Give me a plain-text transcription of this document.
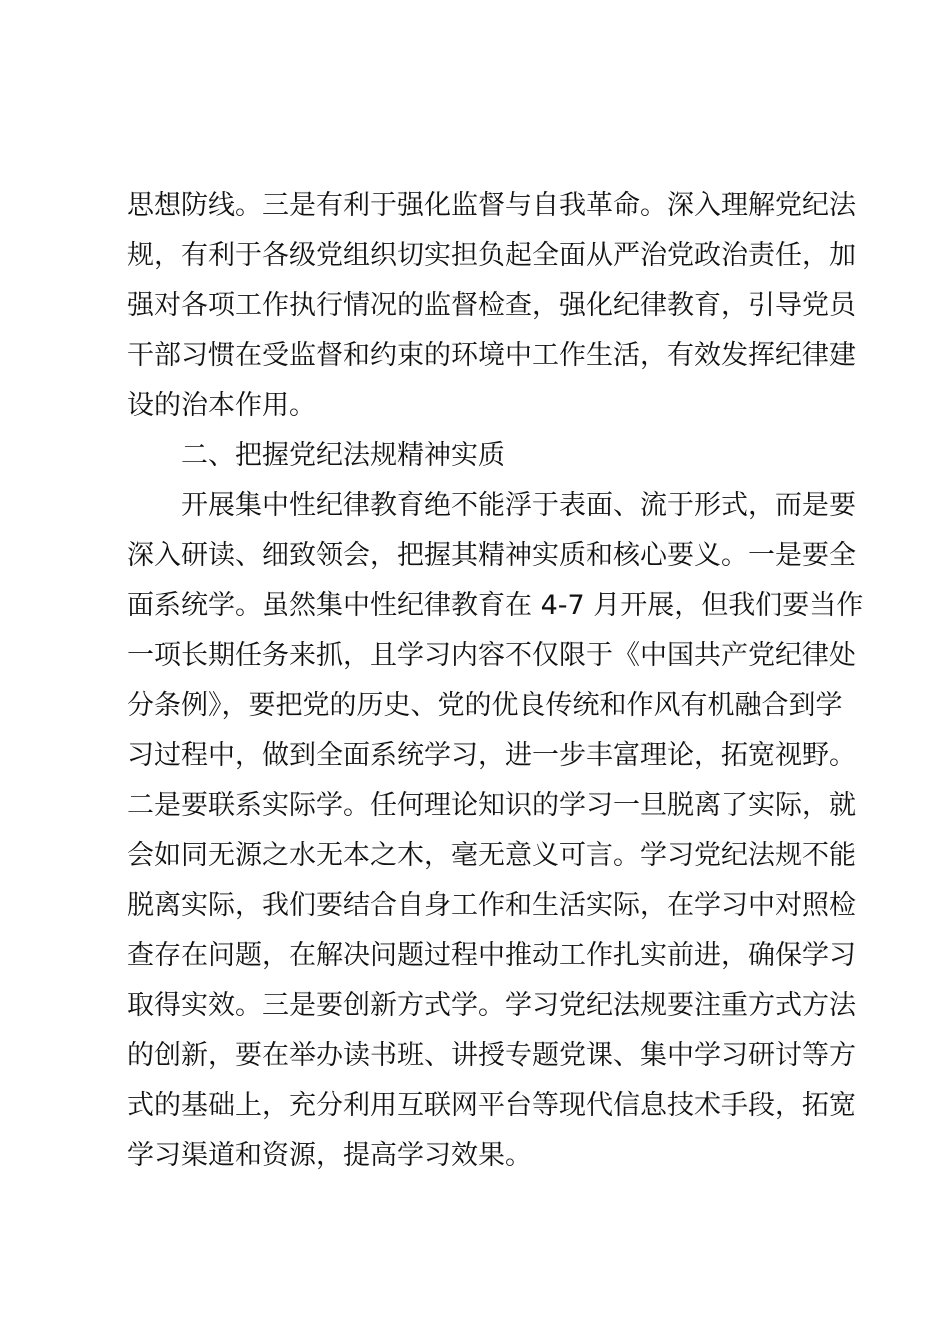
思想防线。三是有利于强化监督与自我革命。深入理解党纪法
规，有利于各级党组织切实担负起全面从严治党政治责任，加
强对各项工作执行情况的监督检查，强化纪律教育，引导党员
干部习惯在受监督和约束的环境中工作生活，有效发挥纪律建
设的治本作用。
二、把握党纪法规精神实质
开展集中性纪律教育绝不能浮于表面、流于形式，而是要
深入研读、细致领会，把握其精神实质和核心要义。一是要全
面系统学。虽然集中性纪律教育在 4-7 月开展，但我们要当作
一项长期任务来抓，且学习内容不仅限于《中国共产党纪律处
分条例》，要把党的历史、党的优良传统和作风有机融合到学
习过程中，做到全面系统学习，进一步丰富理论，拓宽视野。
二是要联系实际学。任何理论知识的学习一旦脱离了实际，就
会如同无源之水无本之木，毫无意义可言。学习党纪法规不能
脱离实际，我们要结合自身工作和生活实际，在学习中对照检
查存在问题，在解决问题过程中推动工作扎实前进，确保学习
取得实效。三是要创新方式学。学习党纪法规要注重方式方法
的创新，要在举办读书班、讲授专题党课、集中学习研讨等方
式的基础上，充分利用互联网平台等现代信息技术手段，拓宽
学习渠道和资源，提高学习效果。
